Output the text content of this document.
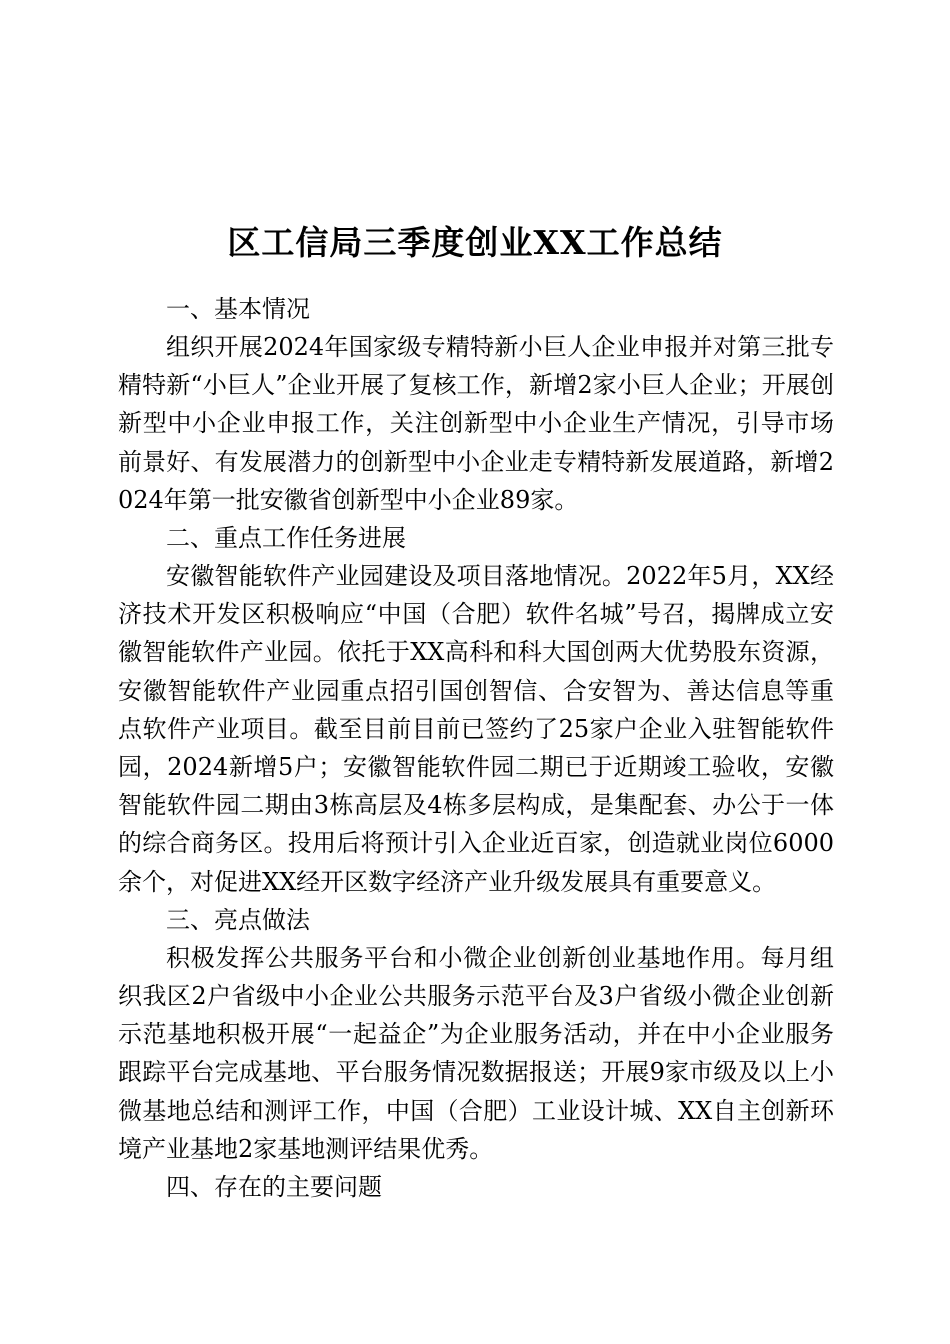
区工信局三季度创业XX工作总结
一、基本情况

组织开展2024年国家级专精特新小巨人企业申报并对第三批专精特新“小巨人”企业开展了复核工作，新增2家小巨人企业；开展创新型中小企业申报工作，关注创新型中小企业生产情况，引导市场前景好、有发展潜力的创新型中小企业走专精特新发展道路，新增2024年第一批安徽省创新型中小企业89家。

二、重点工作任务进展

安徽智能软件产业园建设及项目落地情况。2022年5月，XX经济技术开发区积极响应“中国（合肥）软件名城”号召，揭牌成立安徽智能软件产业园。依托于XX高科和科大国创两大优势股东资源，安徽智能软件产业园重点招引国创智信、合安智为、善达信息等重点软件产业项目。截至目前目前已签约了25家户企业入驻智能软件园，2024新增5户；安徽智能软件园二期已于近期竣工验收，安徽智能软件园二期由3栋高层及4栋多层构成，是集配套、办公于一体的综合商务区。投用后将预计引入企业近百家，创造就业岗位6000余个，对促进XX经开区数字经济产业升级发展具有重要意义。

三、亮点做法

积极发挥公共服务平台和小微企业创新创业基地作用。每月组织我区2户省级中小企业公共服务示范平台及3户省级小微企业创新示范基地积极开展“一起益企”为企业服务活动，并在中小企业服务跟踪平台完成基地、平台服务情况数据报送；开展9家市级及以上小微基地总结和测评工作，中国（合肥）工业设计城、XX自主创新环境产业基地2家基地测评结果优秀。

四、存在的主要问题
